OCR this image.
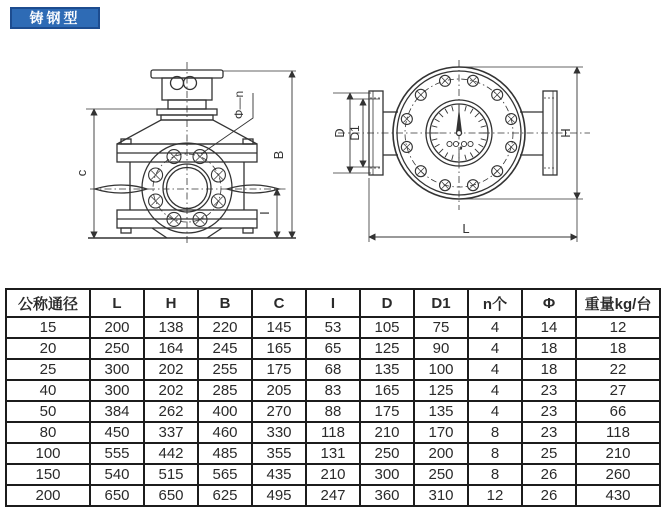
铸钢型
c
B
I
Φ—n
,
D D1	H
L
公称通径	L	H	B	C	I	D	D1	n个	Φ	重量kg/台
15	200	138	220	145	53	105	75	4	14	12
20	250	164	245	165	65	125	90	4	18	18
25	300	202	255	175	68	135	100	4	18	22
40	300	202	285	205	83	165	125	4	23	27
50	384	262	400	270	88	175	135	4	23	66
80	450	337	460	330	118	210	170	8	23	118
100	555	442	485	355	131	250	200	8	25	210
150	540	515	565	435	210	300	250	8	26	260
200	650	650	625	495	247	360	310	12	26	430
